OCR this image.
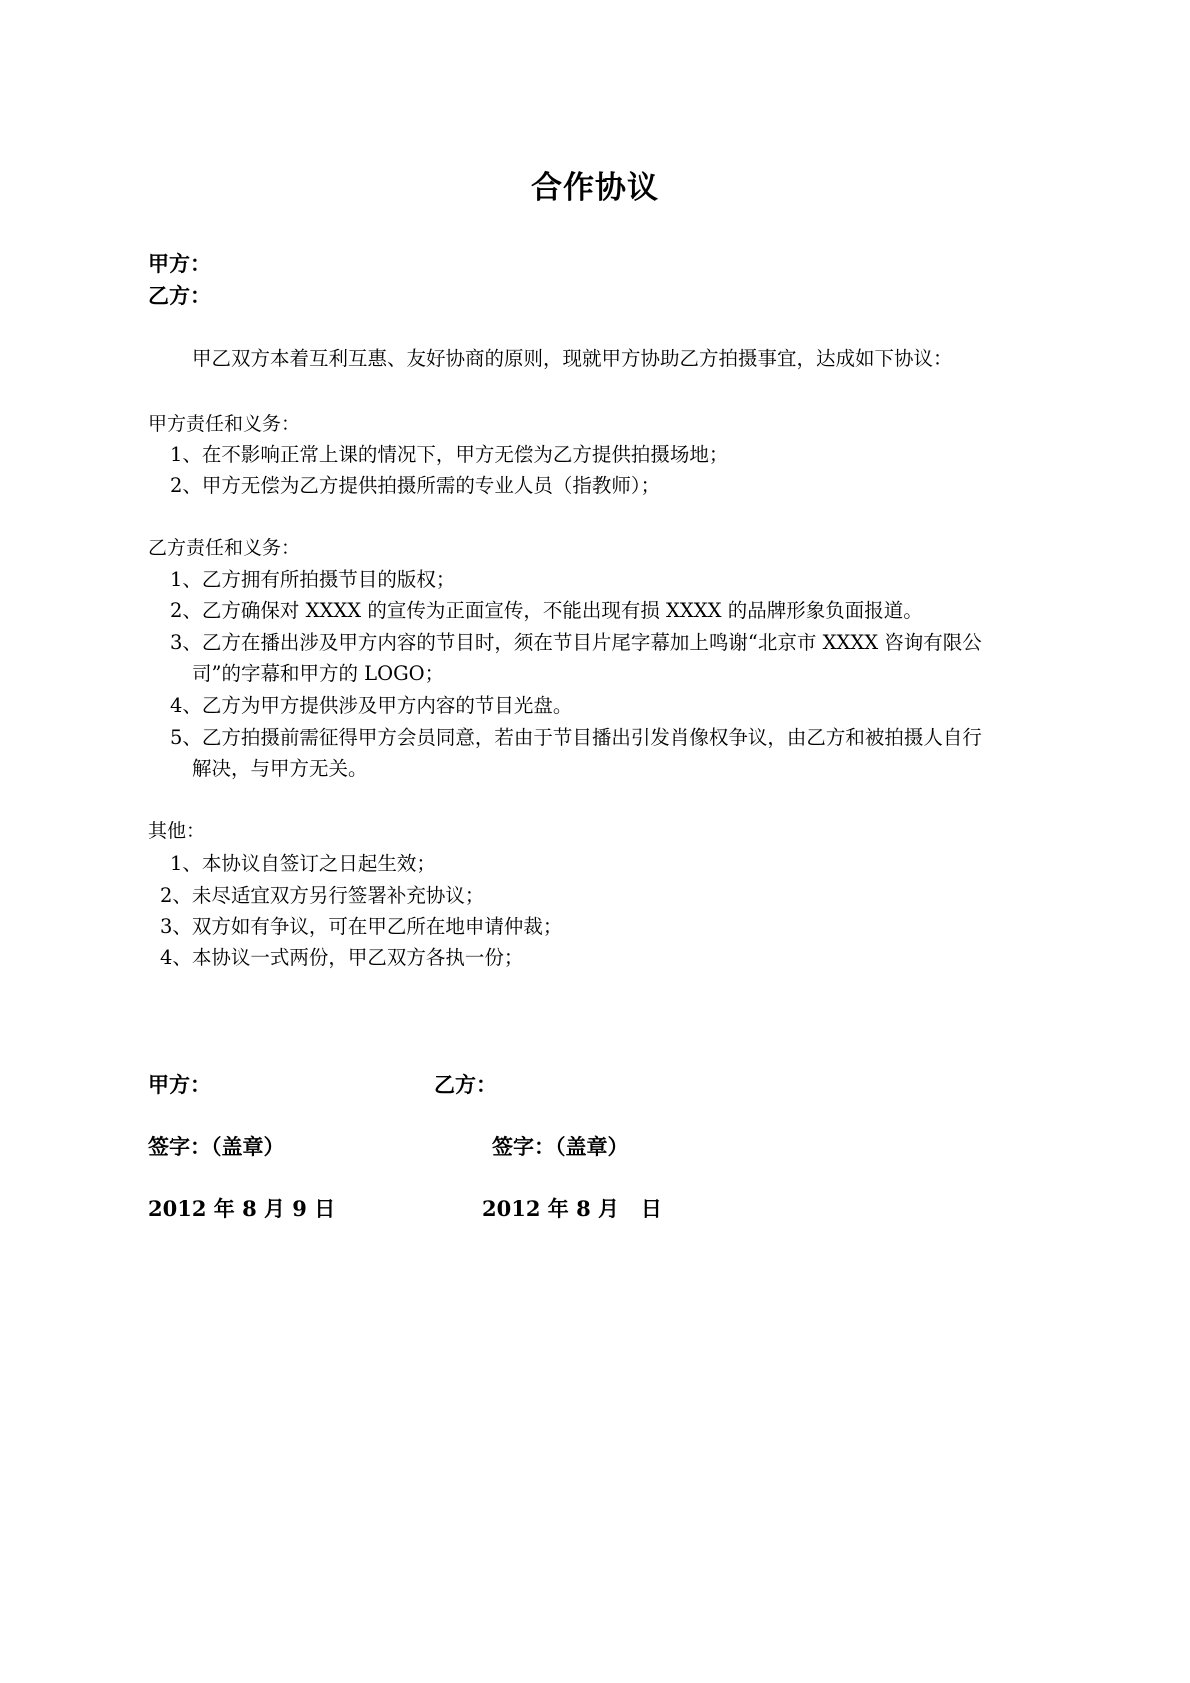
合作协议
甲方：
乙方：
甲乙双方本着互利互惠、友好协商的原则，现就甲方协助乙方拍摄事宜，达成如下协议：
甲方责任和义务：
1、在不影响正常上课的情况下，甲方无偿为乙方提供拍摄场地；
2、甲方无偿为乙方提供拍摄所需的专业人员（指教师）；
乙方责任和义务：
1、乙方拥有所拍摄节目的版权；
2、乙方确保对 XXXX 的宣传为正面宣传，不能出现有损 XXXX 的品牌形象负面报道。
3、乙方在播出涉及甲方内容的节目时，须在节目片尾字幕加上鸣谢“北京市 XXXX 咨询有限公
司”的字幕和甲方的 LOGO；
4、乙方为甲方提供涉及甲方内容的节目光盘。
5、乙方拍摄前需征得甲方会员同意，若由于节目播出引发肖像权争议，由乙方和被拍摄人自行
解决，与甲方无关。
其他：
1、本协议自签订之日起生效；
2、未尽适宜双方另行签署补充协议；
3、双方如有争议，可在甲乙所在地申请仲裁；
4、本协议一式两份，甲乙双方各执一份；
甲方：	乙方：
签字：（盖章）	签字：（盖章）
2012 年 8 月 9 日	2012 年 8 月   日
